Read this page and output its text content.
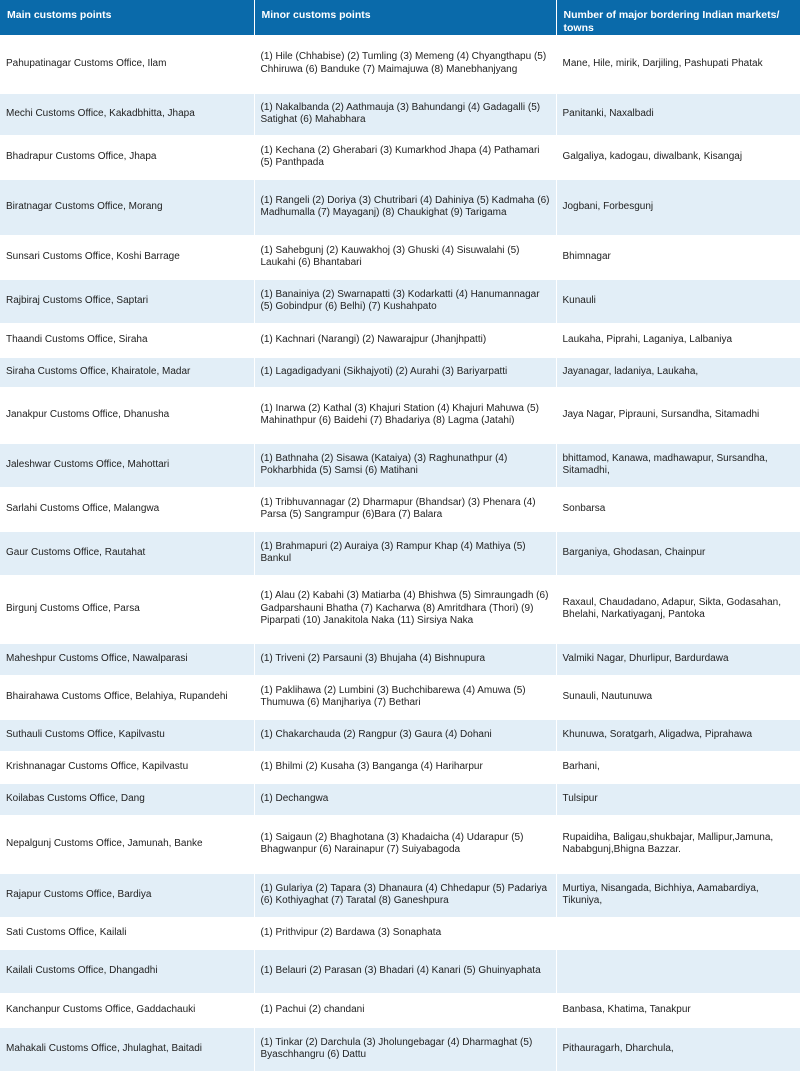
Main customs points	Minor customs points	Number of major bordering Indian markets/ towns
Pahupatinagar Customs Office, Ilam	(1) Hile (Chhabise) (2) Tumling (3) Memeng (4) Chyangthapu (5) Chhiruwa (6) Banduke (7) Maimajuwa (8) Manebhanjyang	Mane, Hile, mirik, Darjiling, Pashupati Phatak
Mechi Customs Office, Kakadbhitta, Jhapa	(1) Nakalbanda (2) Aathmauja (3) Bahundangi (4) Gadagalli (5) Satighat (6) Mahabhara	Panitanki, Naxalbadi
Bhadrapur Customs Office, Jhapa	(1) Kechana (2) Gherabari (3) Kumarkhod Jhapa (4) Pathamari (5) Panthpada	Galgaliya, kadogau, diwalbank, Kisangaj
Biratnagar Customs Office, Morang	(1) Rangeli (2) Doriya (3) Chutribari (4) Dahiniya (5) Kadmaha (6) Madhumalla (7) Mayaganj) (8) Chaukighat (9) Tarigama	Jogbani, Forbesgunj
Sunsari Customs Office, Koshi Barrage	(1) Sahebgunj (2) Kauwakhoj (3) Ghuski (4) Sisuwalahi (5) Laukahi (6) Bhantabari	Bhimnagar
Rajbiraj Customs Office, Saptari	(1) Banainiya (2) Swarnapatti (3) Kodarkatti (4) Hanumannagar (5) Gobindpur (6) Belhi) (7) Kushahpato	Kunauli
Thaandi Customs Office, Siraha	(1) Kachnari (Narangi) (2) Nawarajpur (Jhanjhpatti)	Laukaha, Piprahi, Laganiya, Lalbaniya
Siraha Customs Office, Khairatole, Madar	(1) Lagadigadyani (Sikhajyoti) (2) Aurahi (3) Bariyarpatti	Jayanagar, ladaniya, Laukaha,
Janakpur Customs Office, Dhanusha	(1) Inarwa (2) Kathal (3) Khajuri Station (4) Khajuri Mahuwa (5) Mahinathpur (6) Baidehi (7) Bhadariya (8) Lagma (Jatahi)	Jaya Nagar, Piprauni, Sursandha, Sitamadhi
Jaleshwar Customs Office, Mahottari	(1) Bathnaha (2) Sisawa (Kataiya) (3) Raghunathpur (4) Pokharbhida (5) Samsi (6) Matihani	bhittamod, Kanawa, madhawapur, Sursandha, Sitamadhi,
Sarlahi Customs Office, Malangwa	(1) Tribhuvannagar (2) Dharmapur (Bhandsar) (3) Phenara (4) Parsa (5) Sangrampur (6)Bara (7) Balara	Sonbarsa
Gaur Customs Office, Rautahat	(1) Brahmapuri (2) Auraiya (3) Rampur Khap (4) Mathiya (5) Bankul	Barganiya, Ghodasan, Chainpur
Birgunj Customs Office, Parsa	(1) Alau (2) Kabahi (3) Matiarba (4) Bhishwa (5) Simraungadh (6) Gadparshauni Bhatha (7) Kacharwa (8) Amritdhara (Thori) (9) Piparpati (10) Janakitola Naka (11) Sirsiya Naka	Raxaul, Chaudadano, Adapur, Sikta, Godasahan, Bhelahi, Narkatiyaganj, Pantoka
Maheshpur Customs Office, Nawalparasi	(1) Triveni (2) Parsauni (3) Bhujaha (4) Bishnupura	Valmiki Nagar, Dhurlipur, Bardurdawa
Bhairahawa Customs Office, Belahiya, Rupandehi	(1) Paklihawa (2) Lumbini (3) Buchchibarewa (4) Amuwa (5) Thumuwa (6) Manjhariya (7) Bethari	Sunauli, Nautunuwa
Suthauli Customs Office, Kapilvastu	(1) Chakarchauda (2) Rangpur (3) Gaura (4) Dohani	Khunuwa, Soratgarh, Aligadwa, Piprahawa
Krishnanagar Customs Office, Kapilvastu	(1) Bhilmi (2) Kusaha (3) Banganga (4) Hariharpur	Barhani,
Koilabas Customs Office, Dang	(1) Dechangwa	Tulsipur
Nepalgunj Customs Office, Jamunah, Banke	(1) Saigaun (2) Bhaghotana (3) Khadaicha (4) Udarapur (5) Bhagwanpur (6) Narainapur (7) Suiyabagoda	Rupaidiha, Baligau,shukbajar, Mallipur,Jamuna, Nababgunj,Bhigna Bazzar.
Rajapur Customs Office, Bardiya	(1) Gulariya (2) Tapara (3) Dhanaura (4) Chhedapur (5) Padariya (6) Kothiyaghat (7) Taratal (8) Ganeshpura	Murtiya, Nisangada, Bichhiya, Aamabardiya, Tikuniya,
Sati Customs Office, Kailali	(1) Prithvipur (2) Bardawa (3) Sonaphata	
Kailali Customs Office, Dhangadhi	(1) Belauri (2) Parasan (3) Bhadari (4) Kanari (5) Ghuinyaphata	
Kanchanpur Customs Office, Gaddachauki	(1) Pachui (2) chandani	Banbasa, Khatima, Tanakpur
Mahakali Customs Office, Jhulaghat, Baitadi	(1) Tinkar (2) Darchula (3) Jholungebagar (4) Dharmaghat (5) Byaschhangru (6) Dattu	Pithauragarh, Dharchula,
